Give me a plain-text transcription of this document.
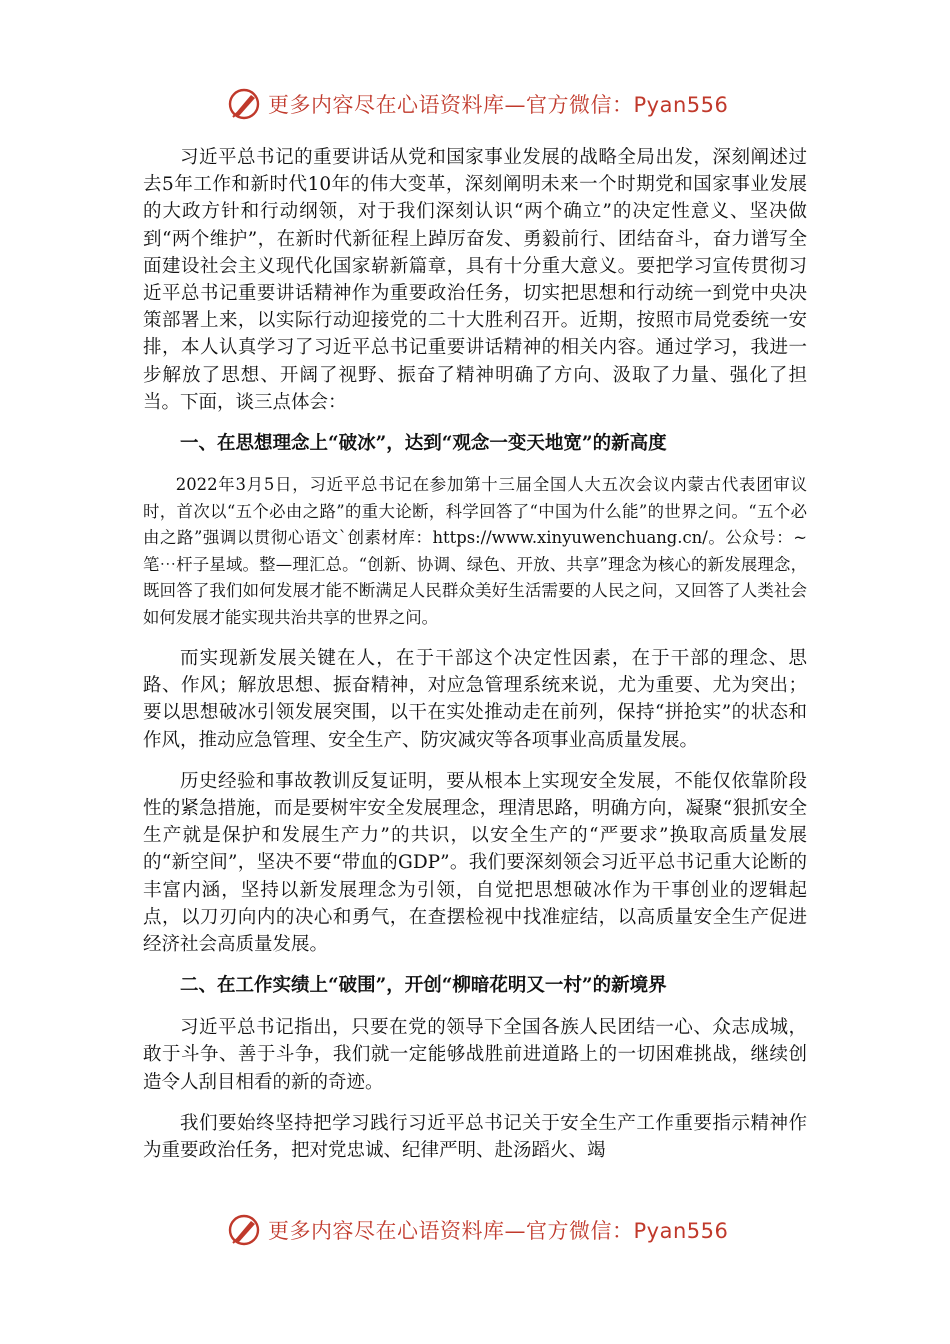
更多内容尽在心语资料库—官方微信：Pyan556

习近平总书记的重要讲话从党和国家事业发展的战略全局出发，深刻阐述过去5年工作和新时代10年的伟大变革，深刻阐明未来一个时期党和国家事业发展的大政方针和行动纲领，对于我们深刻认识“两个确立”的决定性意义、坚决做到“两个维护”，在新时代新征程上踔厉奋发、勇毅前行、团结奋斗，奋力谱写全面建设社会主义现代化国家崭新篇章，具有十分重大意义。要把学习宣传贯彻习近平总书记重要讲话精神作为重要政治任务，切实把思想和行动统一到党中央决策部署上来，以实际行动迎接党的二十大胜利召开。近期，按照市局党委统一安排，本人认真学习了习近平总书记重要讲话精神的相关内容。通过学习，我进一步解放了思想、开阔了视野、振奋了精神明确了方向、汲取了力量、强化了担当。下面，谈三点体会：

一、在思想理念上“破冰”，达到“观念一变天地宽”的新高度

2022年3月5日，习近平总书记在参加第十三届全国人大五次会议内蒙古代表团审议时，首次以“五个必由之路”的重大论断，科学回答了“中国为什么能”的世界之问。“五个必由之路”强调以贯彻心语文`创素材库：https://www.xinyuwenchuang.cn/。公众号：~笔⋯杆子星域。整—理汇总。“创新、协调、绿色、开放、共享”理念为核心的新发展理念，既回答了我们如何发展才能不断满足人民群众美好生活需要的人民之问，又回答了人类社会如何发展才能实现共治共享的世界之问。

而实现新发展关键在人，在于干部这个决定性因素，在于干部的理念、思路、作风；解放思想、振奋精神，对应急管理系统来说，尤为重要、尤为突出；要以思想破冰引领发展突围，以干在实处推动走在前列，保持“拼抢实”的状态和作风，推动应急管理、安全生产、防灾减灾等各项事业高质量发展。

历史经验和事故教训反复证明，要从根本上实现安全发展，不能仅依靠阶段性的紧急措施，而是要树牢安全发展理念，理清思路，明确方向，凝聚“狠抓安全生产就是保护和发展生产力”的共识，以安全生产的“严要求”换取高质量发展的“新空间”，坚决不要“带血的GDP”。我们要深刻领会习近平总书记重大论断的丰富内涵，坚持以新发展理念为引领，自觉把思想破冰作为干事创业的逻辑起点，以刀刃向内的决心和勇气，在查摆检视中找准症结，以高质量安全生产促进经济社会高质量发展。

二、在工作实绩上“破围”，开创“柳暗花明又一村”的新境界

习近平总书记指出，只要在党的领导下全国各族人民团结一心、众志成城，敢于斗争、善于斗争，我们就一定能够战胜前进道路上的一切困难挑战，继续创造令人刮目相看的新的奇迹。

我们要始终坚持把学习践行习近平总书记关于安全生产工作重要指示精神作为重要政治任务，把对党忠诚、纪律严明、赴汤蹈火、竭

更多内容尽在心语资料库—官方微信：Pyan556
